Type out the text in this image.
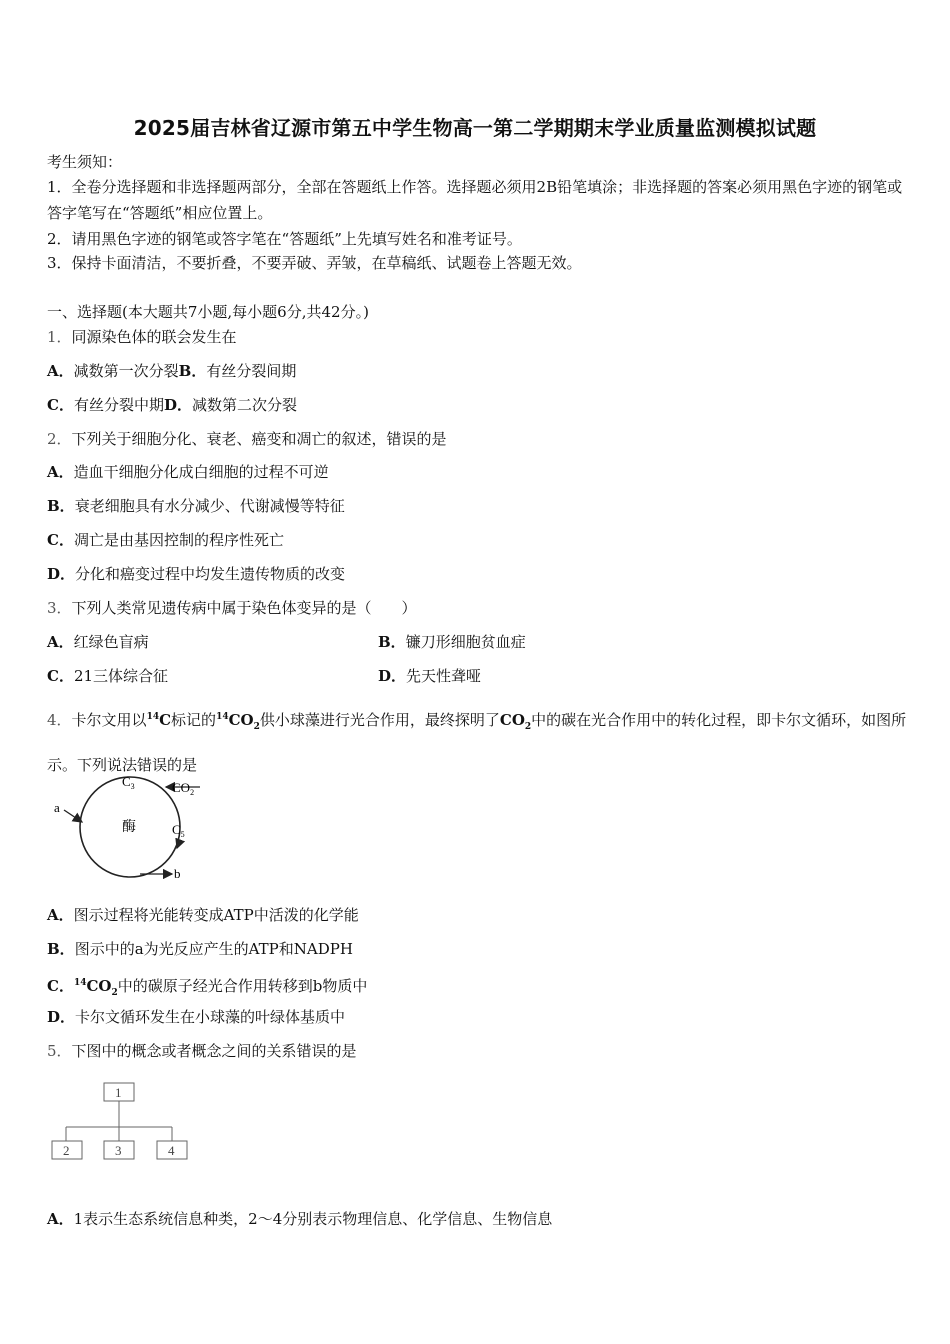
2025届吉林省辽源市第五中学生物高一第二学期期末学业质量监测模拟试题
考生须知：
1．全卷分选择题和非选择题两部分，全部在答题纸上作答。选择题必须用2B铅笔填涂；非选择题的答案必须用黑色字迹的钢笔或答字笔写在“答题纸”相应位置上。
2．请用黑色字迹的钢笔或答字笔在“答题纸”上先填写姓名和准考证号。
3．保持卡面清洁，不要折叠，不要弄破、弄皱，在草稿纸、试题卷上答题无效。
一、选择题(本大题共7小题,每小题6分,共42分。)
1．同源染色体的联会发生在
A．减数第一次分裂B．有丝分裂间期
C．有丝分裂中期D．减数第二次分裂
2．下列关于细胞分化、衰老、癌变和凋亡的叙述，错误的是
A．造血干细胞分化成白细胞的过程不可逆
B．衰老细胞具有水分减少、代谢减慢等特征
C．凋亡是由基因控制的程序性死亡
D．分化和癌变过程中均发生遗传物质的改变
3．下列人类常见遗传病中属于染色体变异的是（　　）
A．红绿色盲病	B．镰刀形细胞贫血症
C．21三体综合征	D．先天性聋哑
4．卡尔文用以$^{14}$C标记的$^{14}CO_2$供小球藻进行光合作用，最终探明了$CO_2$中的碳在光合作用中的转化过程，即卡尔文循环，如图所示。下列说法错误的是
$C_3$	$CO_2$
$C_5$
酶
a
b
A．图示过程将光能转变成ATP中活泼的化学能
B．图示中的a为光反应产生的ATP和NADPH
C．$^{14}CO_2$中的碳原子经光合作用转移到b物质中
D．卡尔文循环发生在小球藻的叶绿体基质中
5．下图中的概念或者概念之间的关系错误的是
1
2	3	4
A．1表示生态系统信息种类，2～4分别表示物理信息、化学信息、生物信息
